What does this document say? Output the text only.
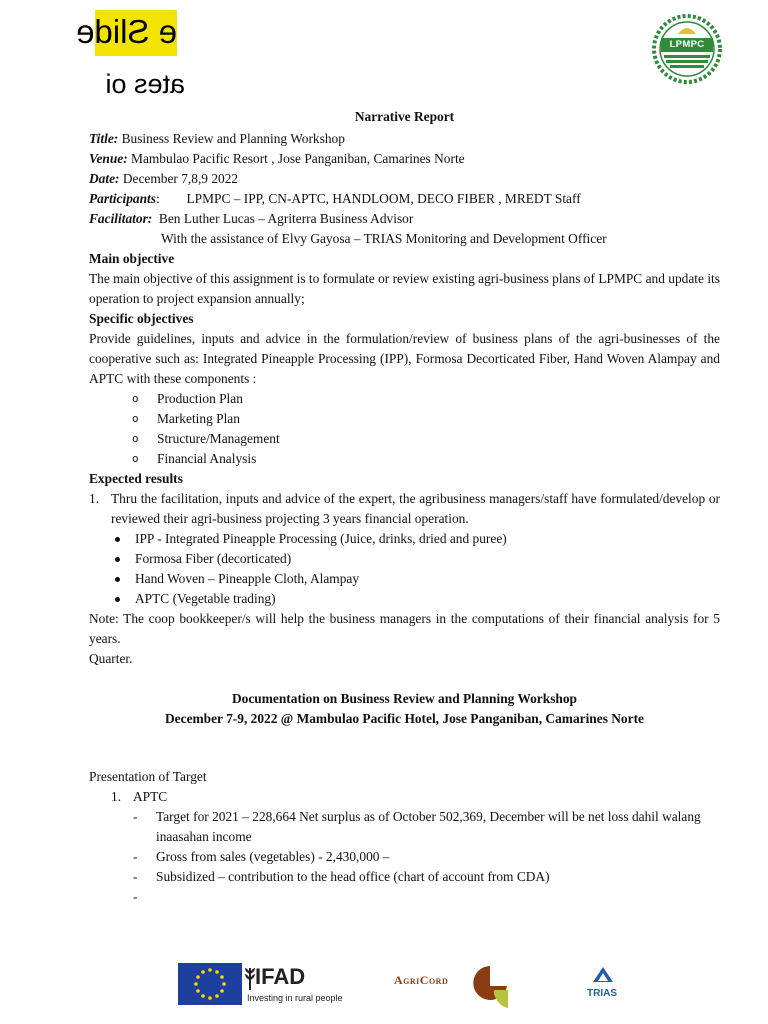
e Slide
ates oi
LPMPC

Narrative Report

Title: Business Review and Planning Workshop

Venue: Mambulao Pacific Resort , Jose Panganiban, Camarines Norte

Date: December 7,8,9 2022

Participants:        LPMPC – IPP, CN-APTC, HANDLOOM, DECO FIBER , MREDT Staff

Facilitator:  Ben Luther Lucas – Agriterra Business Advisor

With the assistance of Elvy Gayosa – TRIAS Monitoring and Development Officer

Main objective

The main objective of this assignment is to formulate or review existing agri-business plans of LPMPC and update its operation to project expansion annually;

Specific objectives

Provide guidelines, inputs and advice in the formulation/review of business plans of the agri-businesses of the cooperative such as: Integrated Pineapple Processing (IPP), Formosa Decorticated Fiber, Hand Woven Alampay and APTC with these components :

o Production Plan
o Marketing Plan
o Structure/Management
o Financial Analysis

Expected results

1. Thru the facilitation, inputs and advice of the expert, the agribusiness managers/staff have formulated/develop or reviewed their agri-business projecting 3 years financial operation.
IPP - Integrated Pineapple Processing (Juice, drinks, dried and puree)
Formosa Fiber (decorticated)
Hand Woven – Pineapple Cloth, Alampay
APTC (Vegetable trading)

Note: The coop bookkeeper/s will help the business managers in the computations of their financial analysis for 5 years.

Quarter.

Documentation on Business Review and Planning Workshop

December 7-9, 2022 @ Mambulao Pacific Hotel, Jose Panganiban, Camarines Norte

Presentation of Target

1. APTC
- Target for 2021 – 228,664 Net surplus as of October 502,369, December will be net loss dahil walang inaasahan income
- Gross from sales (vegetables) - 2,430,000 –
- Subsidized – contribution to the head office (chart of account from CDA)
-
IFAD
Investing in rural people
AgriCord
TRIAS
